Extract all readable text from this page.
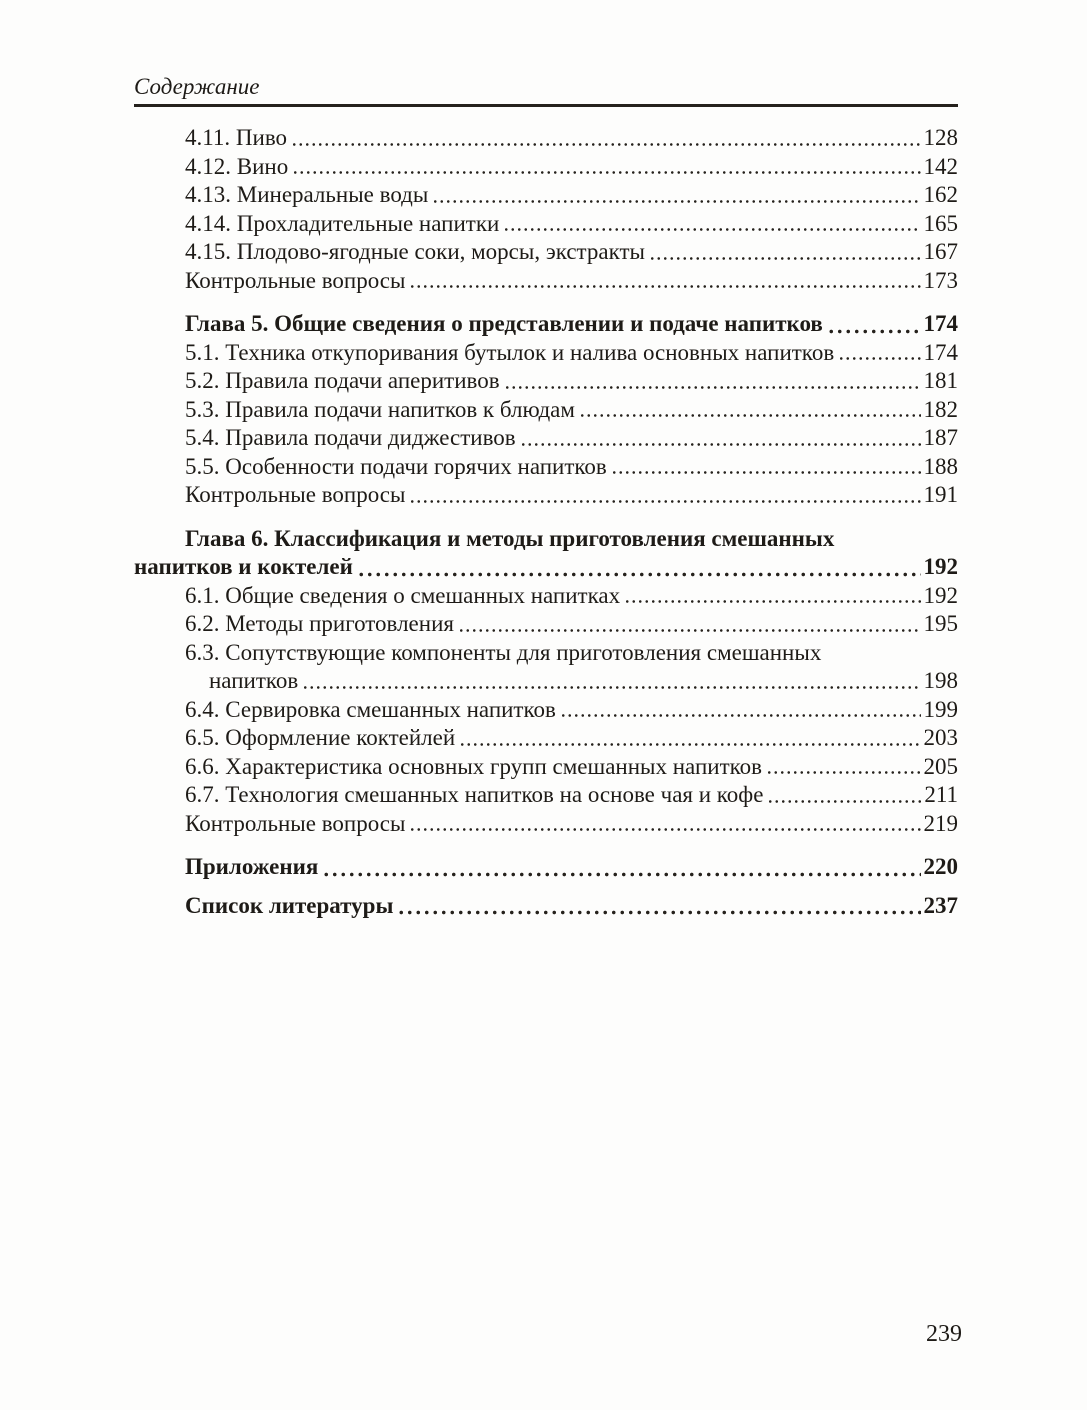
Содержание
4.11. Пиво	128
4.12. Вино	142
4.13. Минеральные воды	162
4.14. Прохладительные напитки	165
4.15. Плодово-ягодные соки, морсы, экстракты	167
Контрольные вопросы	173
Глава 5. Общие сведения о представлении и подаче напитков	174
5.1. Техника откупоривания бутылок и налива основных напитков	174
5.2. Правила подачи аперитивов	181
5.3. Правила подачи напитков к блюдам	182
5.4. Правила подачи диджестивов	187
5.5. Особенности подачи горячих напитков	188
Контрольные вопросы	191
Глава 6. Классификация и методы приготовления смешанных
напитков и коктелей	192
6.1. Общие сведения о смешанных напитках	192
6.2. Методы приготовления	195
6.3. Сопутствующие компоненты для приготовления смешанных
напитков	198
6.4. Сервировка смешанных напитков	199
6.5. Оформление коктейлей	203
6.6. Характеристика основных групп смешанных напитков	205
6.7. Технология смешанных напитков на основе чая и кофе	211
Контрольные вопросы	219
Приложения	220
Список литературы	237
239
